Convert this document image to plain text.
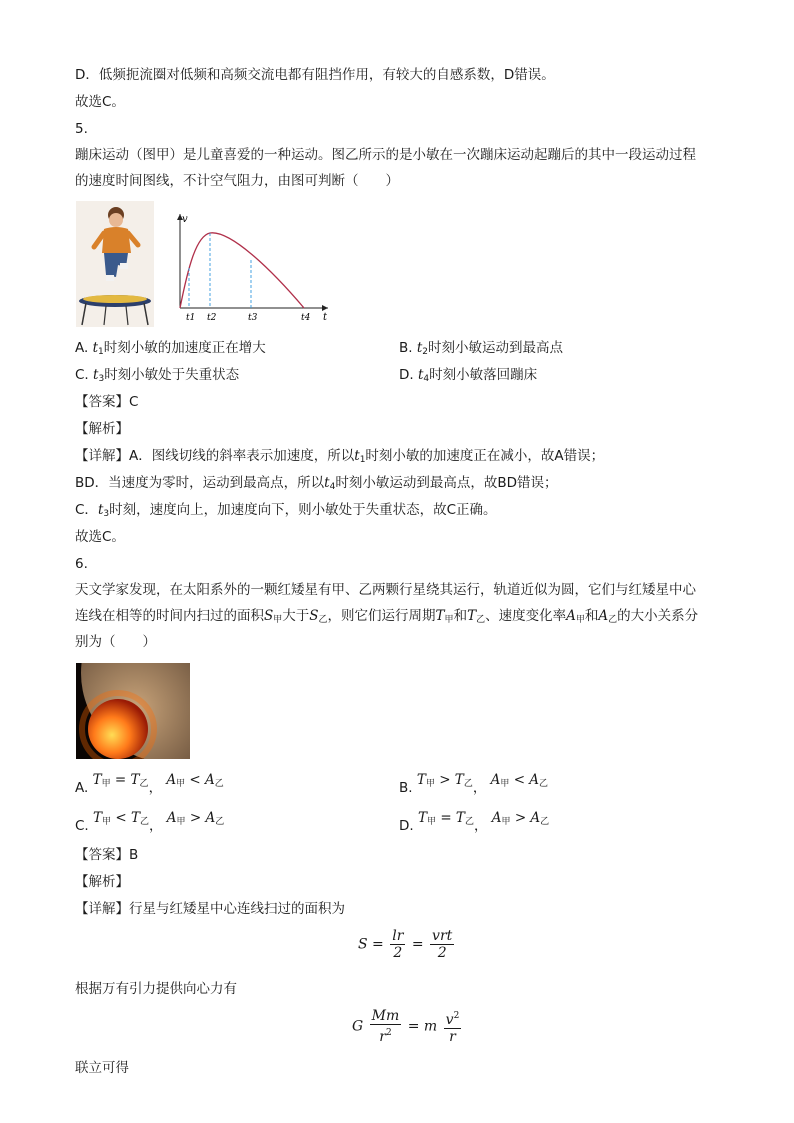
D．低频扼流圈对低频和高频交流电都有阻挡作用，有较大的自感系数，D错误。
故选C。
5.
蹦床运动（图甲）是儿童喜爱的一种运动。图乙所示的是小敏在一次蹦床运动起蹦后的其中一段运动过程
的速度时间图线，不计空气阻力，由图可判断（　　）
v
t
t1 t2	t3	t4
A. $t_1$时刻小敏的加速度正在增大	B. $t_2$时刻小敏运动到最高点
C. $t_3$时刻小敏处于失重状态	D. $t_4$时刻小敏落回蹦床
【答案】C
【解析】
【详解】A．图线切线的斜率表示加速度，所以$t_1$时刻小敏的加速度正在减小，故A错误；
BD．当速度为零时，运动到最高点，所以$t_4$时刻小敏运动到最高点，故BD错误；
C．$t_3$时刻，速度向上，加速度向下，则小敏处于失重状态，故C正确。
故选C。
6.
天文学家发现，在太阳系外的一颗红矮星有甲、乙两颗行星绕其运行，轨道近似为圆，它们与红矮星中心
连线在相等的时间内扫过的面积$S_甲$大于$S_乙$，则它们运行周期$T_甲$和$T_乙$、速度变化率$A_甲$和$A_乙$的大小关系分
别为（　　）
A. $T_甲 = T_乙$， $A_甲 < A_乙$	B. $T_甲 > T_乙$， $A_甲 < A_乙$
C. $T_甲 < T_乙$， $A_甲 > A_乙$	D. $T_甲 = T_乙$， $A_甲 > A_乙$
【答案】B
【解析】
【详解】行星与红矮星中心连线扫过的面积为
$S = \frac{lr}{2} = \frac{\text{vrt}}{2}$
根据万有引力提供向心力有
G $\frac{Mm}{r^2} = m \frac{v^2}{r}$
联立可得
